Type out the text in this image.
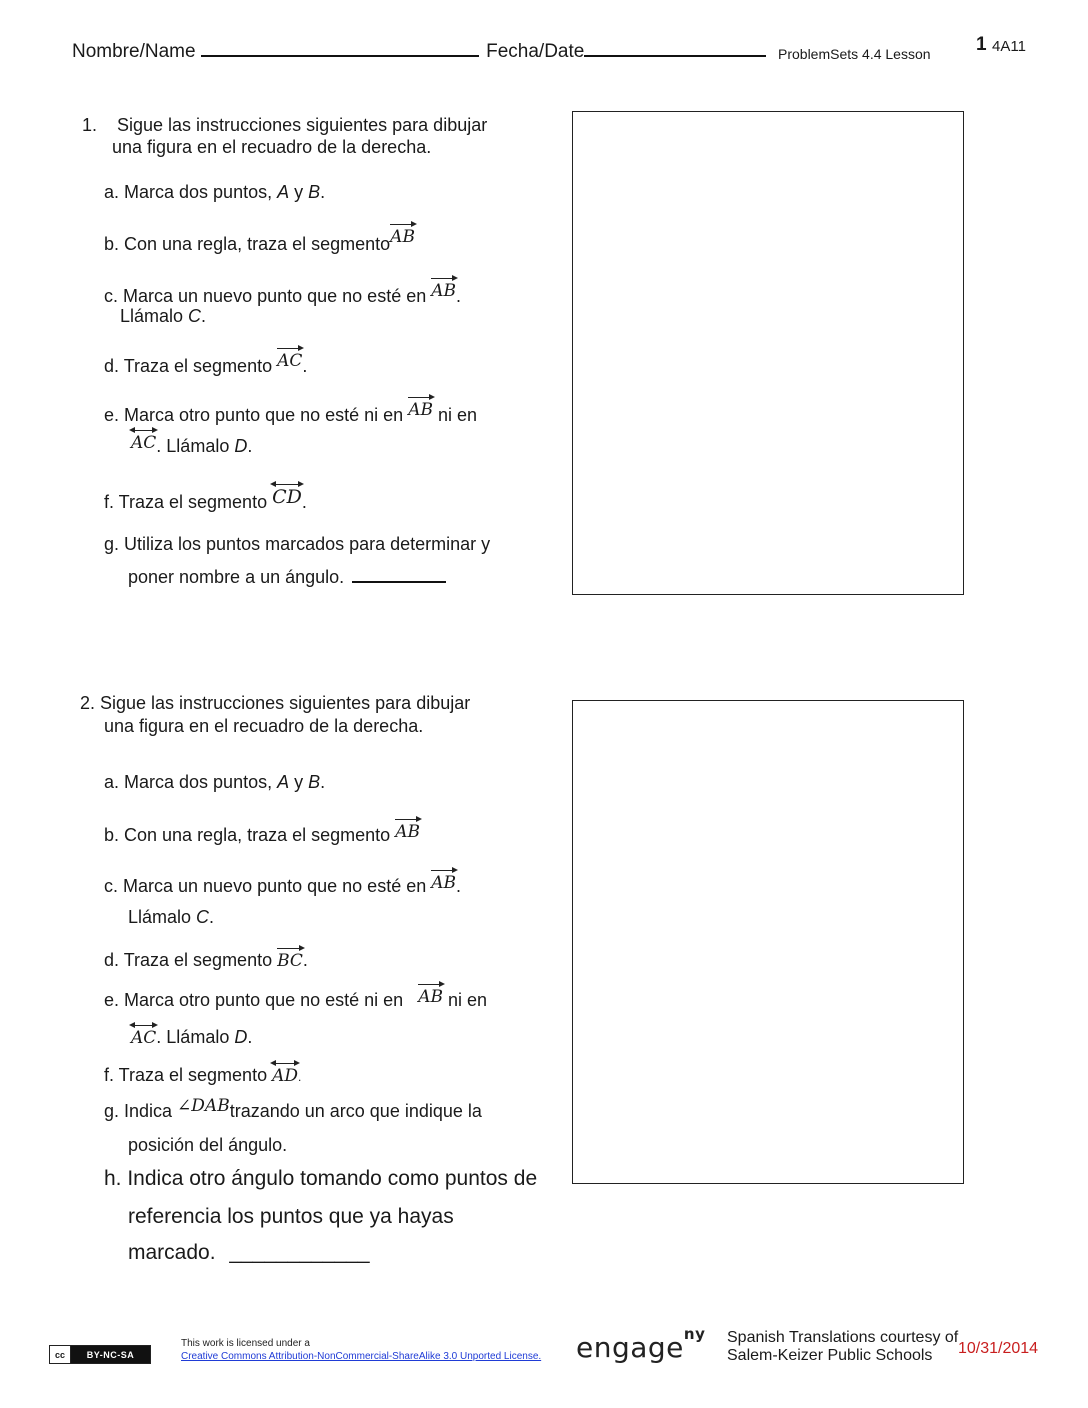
Nombre/Name	Fecha/Date	ProblemSets 4.4 Lesson 1 4A11
1. Sigue las instrucciones siguientes para dibujar
una figura en el recuadro de la derecha.
a. Marca dos puntos, A y B.
b. Con una regla, traza el segmentoAB
c. Marca un nuevo punto que no esté en AB.
Llámalo C.
d. Traza el segmento AC.
e. Marca otro punto que no esté ni en AB ni en
AC. Llámalo D.
f. Traza el segmento
CD.
g. Utiliza los puntos marcados para determinar y
poner nombre a un ángulo.
2. Sigue las instrucciones siguientes para dibujar
una figura en el recuadro de la derecha.
a. Marca dos puntos, A y B.
b. Con una regla, traza el segmento AB
c. Marca un nuevo punto que no esté en AB.
Llámalo C.
d. Traza el segmento BC.
e. Marca otro punto que no esté ni en AB ni en
AC. Llámalo D.
f. Traza el segmento
AD.
g. Indica ∠DABtrazando un arco que indique la
posición del ángulo.
h. Indica otro ángulo tomando como puntos de
referencia los puntos que ya hayas
marcado. ____________
cc	BY-NC-SA
This work is licensed under a
Creative Commons Attribution-NonCommercial-ShareAlike 3.0 Unported License. engage$^{ny}$ Spanish Translations courtesy of
Salem-Keizer Public Schools 10/31/2014
